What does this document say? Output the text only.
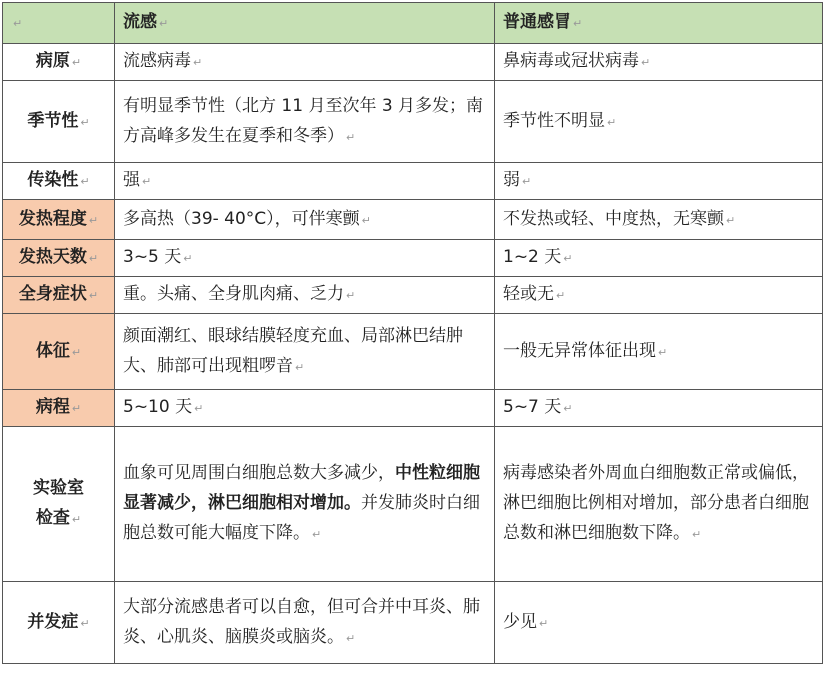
↵	流感 ↵	普通感冒 ↵
病原 ↵	流感病毒 ↵	鼻病毒或冠状病毒 ↵
季节性 ↵	有明显季节性（北方 11 月至次年 3 月多发；南方高峰多发生在夏季和冬季） ↵	季节性不明显 ↵
传染性 ↵	强 ↵	弱 ↵
发热程度 ↵	多高热（39- 40°C），可伴寒颤 ↵	不发热或轻、中度热，无寒颤 ↵
发热天数 ↵	3~5 天 ↵	1~2 天 ↵
全身症状 ↵	重。头痛、全身肌肉痛、乏力 ↵	轻或无 ↵
体征 ↵	颜面潮红、眼球结膜轻度充血、局部淋巴结肿大、肺部可出现粗啰音 ↵	一般无异常体征出现 ↵
病程 ↵	5~10 天 ↵	5~7 天 ↵
实验室
检查 ↵	血象可见周围白细胞总数大多减少，中性粒细胞显著减少，淋巴细胞相对增加。并发肺炎时白细胞总数可能大幅度下降。 ↵	病毒感染者外周血白细胞数正常或偏低，淋巴细胞比例相对增加，部分患者白细胞总数和淋巴细胞数下降。 ↵
并发症 ↵	大部分流感患者可以自愈，但可合并中耳炎、肺炎、心肌炎、脑膜炎或脑炎。 ↵	少见 ↵
